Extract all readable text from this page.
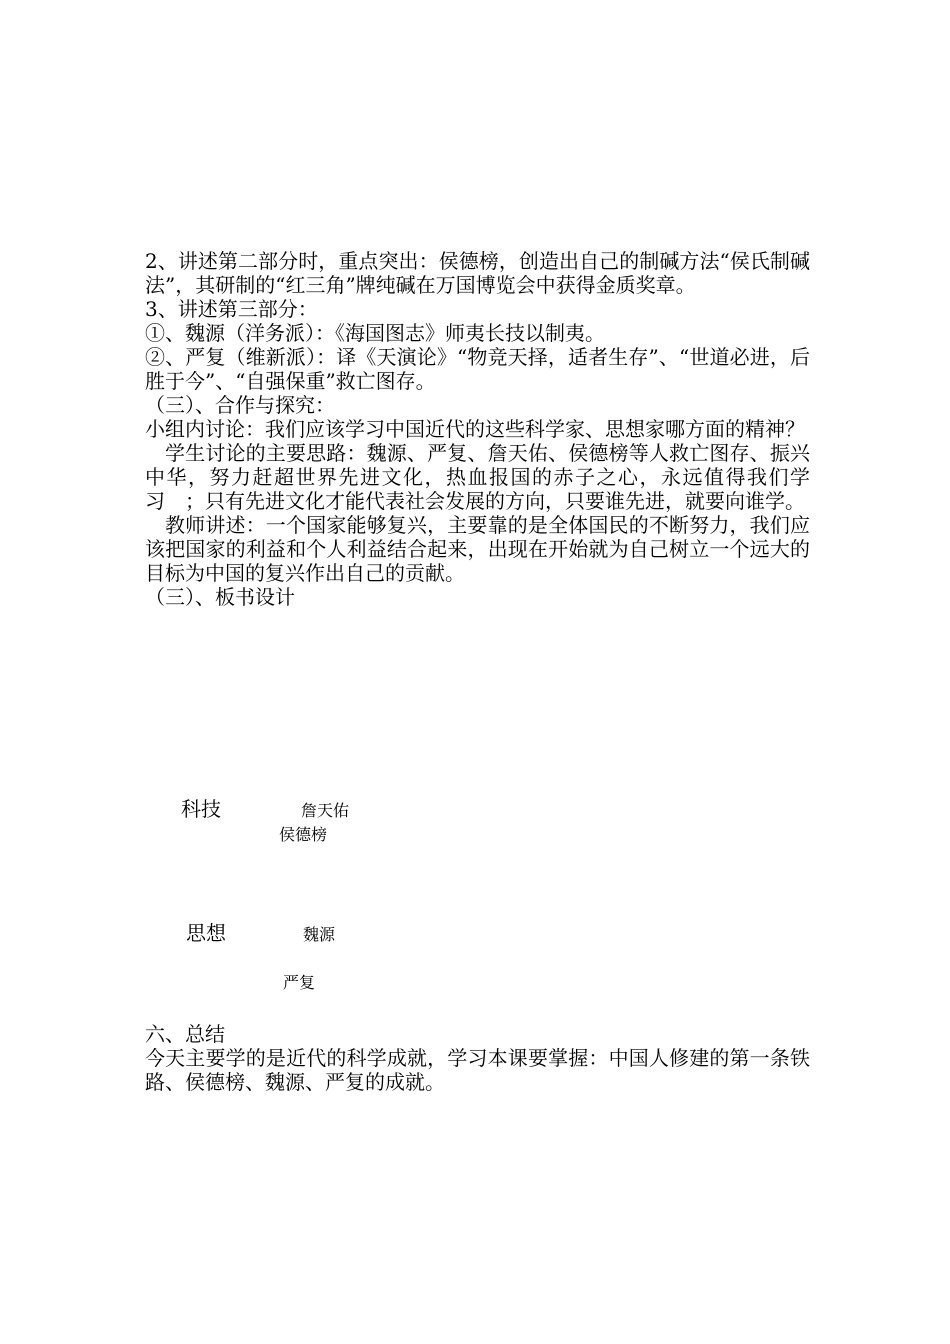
2、讲述第二部分时，重点突出：侯德榜，创造出自己的制碱方法“侯氏制碱法”，其研制的“红三角”牌纯碱在万国博览会中获得金质奖章。

3、讲述第三部分：

①、魏源（洋务派）：《海国图志》师夷长技以制夷。

②、严复（维新派）：译《天演论》“物竞天择，适者生存”、“世道必进，后胜于今”、“自强保重”救亡图存。

（三）、合作与探究：

小组内讨论：我们应该学习中国近代的这些科学家、思想家哪方面的精神？

学生讨论的主要思路：魏源、严复、詹天佑、侯德榜等人救亡图存、振兴中华，努力赶超世界先进文化，热血报国的赤子之心，永远值得我们学习　；只有先进文化才能代表社会发展的方向，只要谁先进，就要向谁学。

教师讲述：一个国家能够复兴，主要靠的是全体国民的不断努力，我们应该把国家的利益和个人利益结合起来，出现在开始就为自己树立一个远大的目标为中国的复兴作出自己的贡献。

（三）、板书设计

科技	詹天佑
侯德榜
思想	魏源
严复

六、总结

今天主要学的是近代的科学成就，学习本课要掌握：中国人修建的第一条铁路、侯德榜、魏源、严复的成就。
